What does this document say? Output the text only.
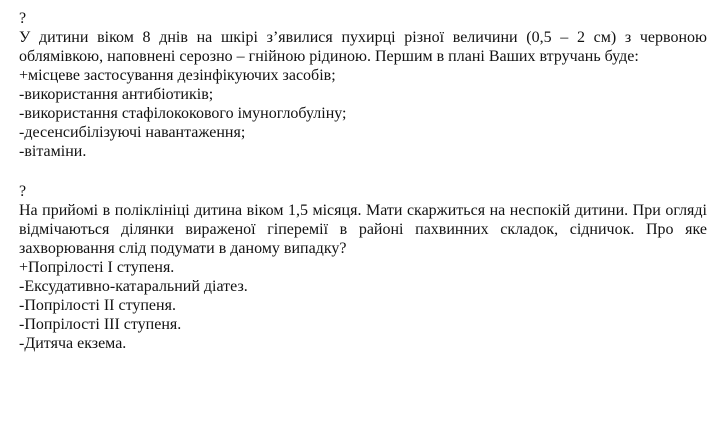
?
У дитини віком 8 днів на шкірі з’явилися пухирці різної величини (0,5 – 2 см) з червоною облямівкою, наповнені серозно – гнійною рідиною. Першим в плані Ваших втручань буде:
+місцеве застосування дезінфікуючих засобів;
-використання антибіотиків;
-використання стафілококового імуноглобуліну;
-десенсибілізуючі навантаження;
-вітаміни.
?
На прийомі в поліклініці дитина віком 1,5 місяця. Мати скаржиться на неспокій дитини. При огляді відмічаються ділянки вираженої гіперемії в районі пахвинних складок, сідничок. Про яке захворювання слід подумати в даному випадку?
+Попрілості І ступеня.
-Ексудативно-катаральний діатез.
-Попрілості ІІ ступеня.
-Попрілості ІІІ ступеня.
-Дитяча екзема.
